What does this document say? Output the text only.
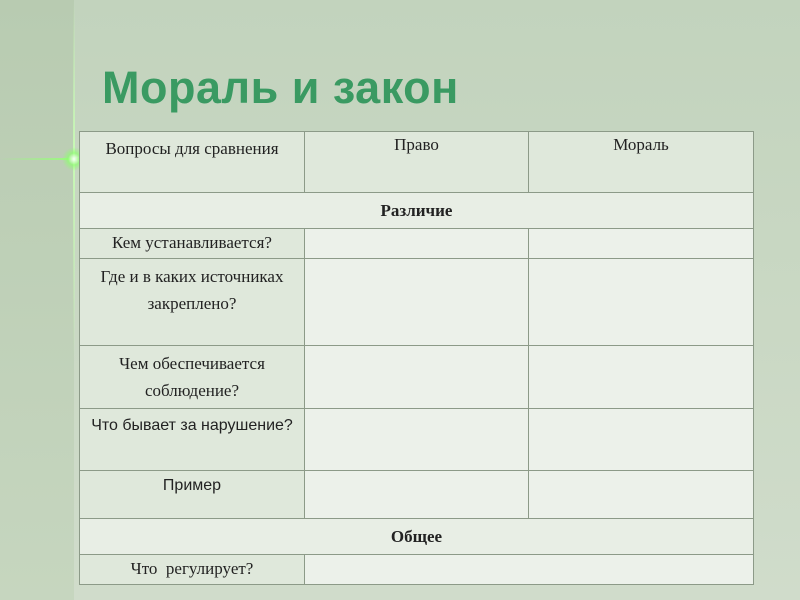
Мораль и закон
Вопросы для сравнения	Право	Мораль
Различие		
Кем устанавливается?		
Где и в каких источниках закреплено?		
Чем обеспечивается соблюдение?		
Что бывает за нарушение?		
Пример		
Общее		
Что  регулирует?		
